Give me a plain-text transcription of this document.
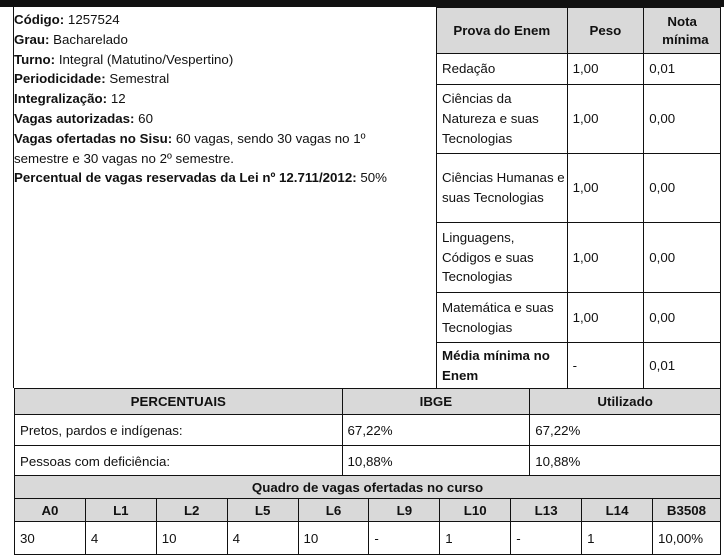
Código: 1257524
Grau: Bacharelado
Turno: Integral (Matutino/Vespertino)
Periodicidade: Semestral
Integralização: 12
Vagas autorizadas: 60
Vagas ofertadas no Sisu: 60 vagas, sendo 30 vagas no 1º
semestre e 30 vagas no 2º semestre.
Percentual de vagas reservadas da Lei nº 12.711/2012: 50%
Prova do Enem	Peso	Nota mínima
Redação	1,00	0,01
Ciências da Natureza e suas Tecnologias	1,00	0,00
Ciências Humanas e suas Tecnologias	1,00	0,00
Linguagens, Códigos e suas Tecnologias	1,00	0,00
Matemática e suas Tecnologias	1,00	0,00
Média mínima no Enem	-	0,01
PERCENTUAIS	IBGE	Utilizado
Pretos, pardos e indígenas:	67,22%	67,22%
Pessoas com deficiência:	10,88%	10,88%
Quadro de vagas ofertadas no curso									
A0	L1	L2	L5	L6	L9	L10	L13	L14	B3508
30	4	10	4	10	-	1	-	1	10,00%
